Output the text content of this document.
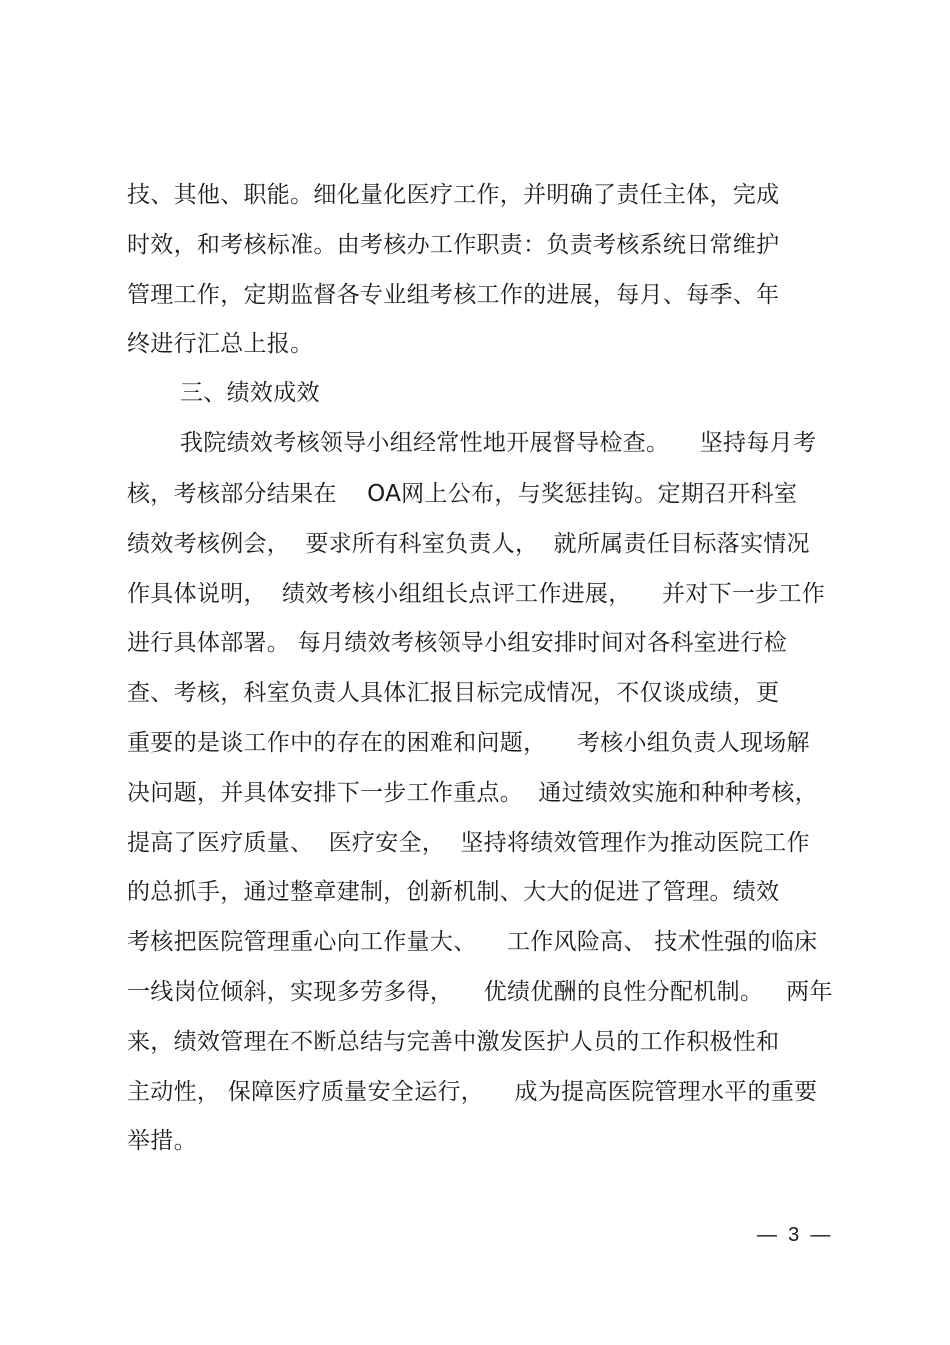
技、其他、职能。细化量化医疗工作，并明确了责任主体，完成
时效，和考核标准。由考核办工作职责：负责考核系统日常维护
管理工作，定期监督各专业组考核工作的进展，每月、每季、年
终进行汇总上报。
三、绩效成效
我院绩效考核领导小组经常性地开展督导检查。    坚持每月考
核，考核部分结果在    OA网上公布，与奖惩挂钩。定期召开科室
绩效考核例会，  要求所有科室负责人，  就所属责任目标落实情况
作具体说明，  绩效考核小组组长点评工作进展，    并对下一步工作
进行具体部署。 每月绩效考核领导小组安排时间对各科室进行检
查、考核，科室负责人具体汇报目标完成情况，不仅谈成绩，更
重要的是谈工作中的存在的困难和问题，    考核小组负责人现场解
决问题，并具体安排下一步工作重点。  通过绩效实施和种种考核，
提高了医疗质量、  医疗安全，  坚持将绩效管理作为推动医院工作
的总抓手，通过整章建制，创新机制、大大的促进了管理。绩效
考核把医院管理重心向工作量大、    工作风险高、 技术性强的临床
一线岗位倾斜，实现多劳多得，    优绩优酬的良性分配机制。   两年
来，绩效管理在不断总结与完善中激发医护人员的工作积极性和
主动性， 保障医疗质量安全运行，    成为提高医院管理水平的重要
举措。
—  3  —
